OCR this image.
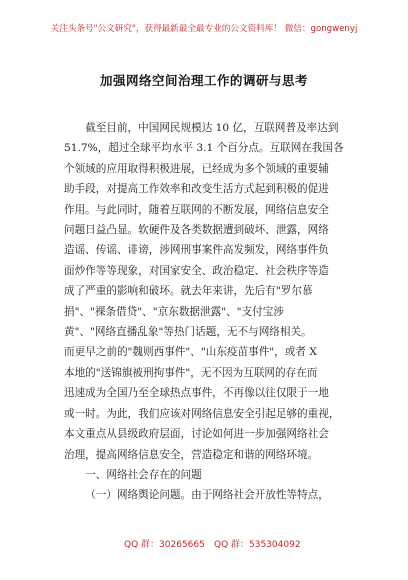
关注头条号"公文研究"，获得最新最全最专业的公文资料库！ 微信：gongwenyj
加强网络空间治理工作的调研与思考
截至目前，中国网民规模达 10 亿，互联网普及率达到
51.7%，超过全球平均水平 3.1 个百分点。互联网在我国各
个领域的应用取得积极进展，已经成为多个领域的重要辅
助手段，对提高工作效率和改变生活方式起到积极的促进
作用。与此同时，随着互联网的不断发展，网络信息安全
问题日益凸显。软硬件及各类数据遭到破坏、泄露，网络
造谣、传谣、诽谤，涉网刑事案件高发频发，网络事件负
面炒作等等现象，对国家安全、政治稳定、社会秩序等造
成了严重的影响和破坏。就去年来讲，先后有"罗尔慕
捐"、"裸条借贷"、"京东数据泄露"、"支付宝涉
黄"、"网络直播乱象"等热门话题，无不与网络相关。
而更早之前的"魏则西事件"、"山东疫苗事件"，或者 X
本地的"送锦旗被刑拘事件"，无不因为互联网的存在而
迅速成为全国乃至全球热点事件，不再像以往仅限于一地
或一时。为此，我们应该对网络信息安全引起足够的重视，
本文重点从县级政府层面，讨论如何进一步加强网络社会
治理，提高网络信息安全，营造稳定和谐的网络环境。
一、网络社会存在的问题
（一）网络舆论问题。由于网络社会开放性等特点，
QQ 群：30265665 QQ 群：535304092
